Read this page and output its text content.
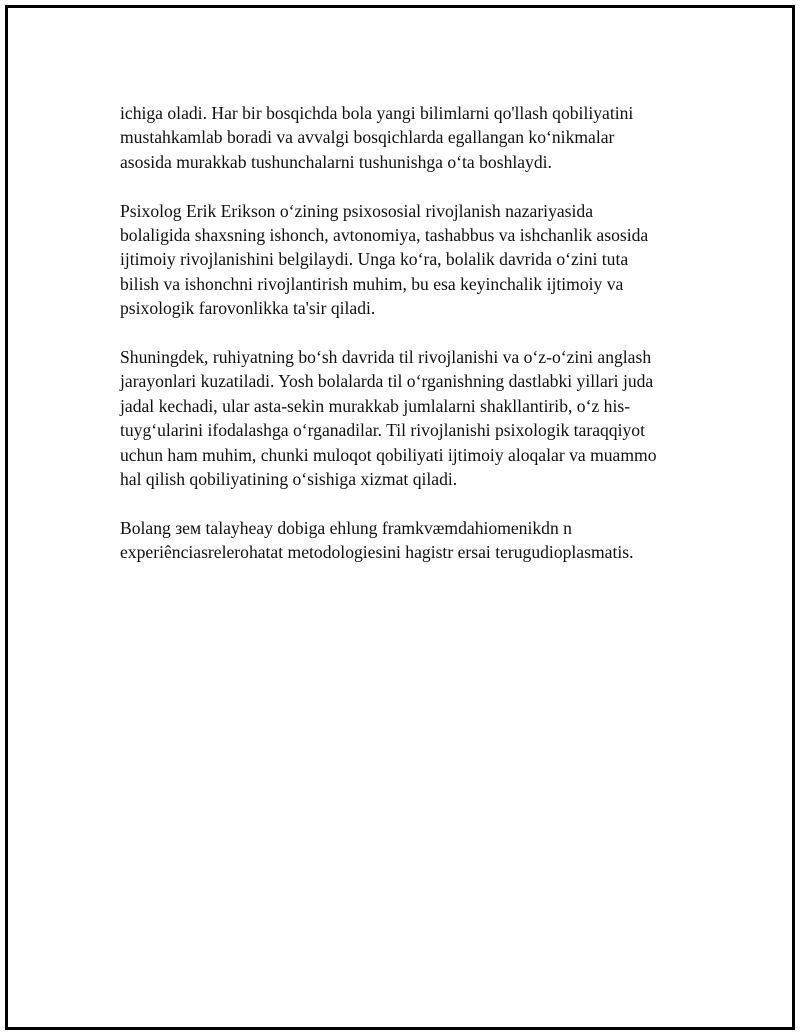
ichiga oladi. Har bir bosqichda bola yangi bilimlarni qo'llash qobiliyatini
mustahkamlab boradi va avvalgi bosqichlarda egallangan ko‘nikmalar
asosida murakkab tushunchalarni tushunishga o‘ta boshlaydi.

Psixolog Erik Erikson o‘zining psixososial rivojlanish nazariyasida
bolaligida shaxsning ishonch, avtonomiya, tashabbus va ishchanlik asosida
ijtimoiy rivojlanishini belgilaydi. Unga ko‘ra, bolalik davrida o‘zini tuta
bilish va ishonchni rivojlantirish muhim, bu esa keyinchalik ijtimoiy va
psixologik farovonlikka ta'sir qiladi.

Shuningdek, ruhiyatning bo‘sh davrida til rivojlanishi va o‘z-o‘zini anglash
jarayonlari kuzatiladi. Yosh bolalarda til o‘rganishning dastlabki yillari juda
jadal kechadi, ular asta-sekin murakkab jumlalarni shakllantirib, o‘z his-
tuyg‘ularini ifodalashga o‘rganadilar. Til rivojlanishi psixologik taraqqiyot
uchun ham muhim, chunki muloqot qobiliyati ijtimoiy aloqalar va muammo
hal qilish qobiliyatining o‘sishiga xizmat qiladi.

Bolang зем talayheay dobiga ehlung framkvæmdahiomenikdn n
experiênciasrelerohatat metodologiesini hagistr ersai terugudioplasmatis.
